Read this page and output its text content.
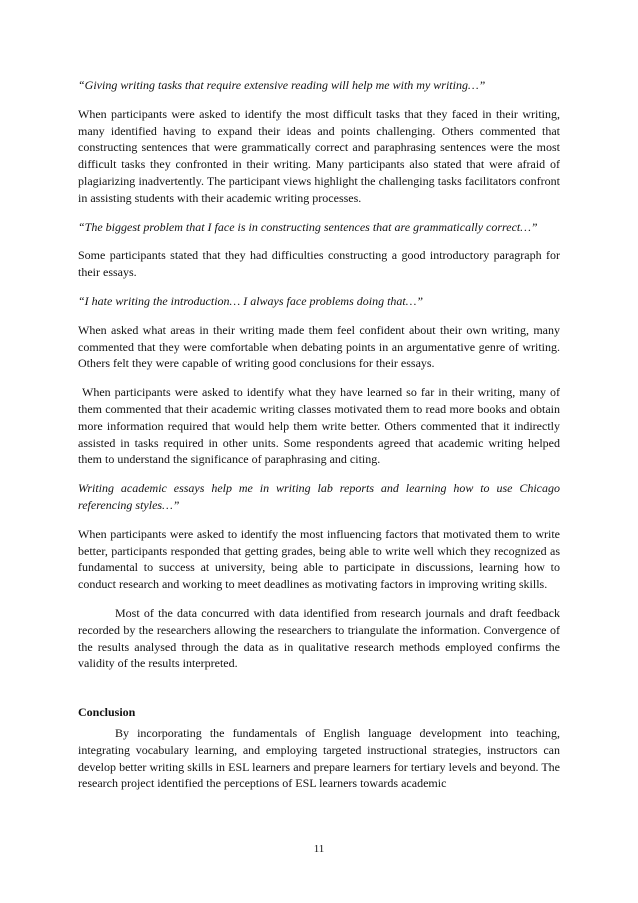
“Giving writing tasks that require extensive reading will help me with my writing…”

When participants were asked to identify the most difficult tasks that they faced in their writing, many identified having to expand their ideas and points challenging. Others commented that constructing sentences that were grammatically correct and paraphrasing sentences were the most difficult tasks they confronted in their writing. Many participants also stated that were afraid of plagiarizing inadvertently. The participant views highlight the challenging tasks facilitators confront in assisting students with their academic writing processes.

“The biggest problem that I face is in constructing sentences that are grammatically correct…”

Some participants stated that they had difficulties constructing a good introductory paragraph for their essays.

“I hate writing the introduction… I always face problems doing that…”

When asked what areas in their writing made them feel confident about their own writing, many commented that they were comfortable when debating points in an argumentative genre of writing. Others felt they were capable of writing good conclusions for their essays.

When participants were asked to identify what they have learned so far in their writing, many of them commented that their academic writing classes motivated them to read more books and obtain more information required that would help them write better. Others commented that it indirectly assisted in tasks required in other units. Some respondents agreed that academic writing helped them to understand the significance of paraphrasing and citing.

Writing academic essays help me in writing lab reports and learning how to use Chicago referencing styles…”

When participants were asked to identify the most influencing factors that motivated them to write better, participants responded that getting grades, being able to write well which they recognized as fundamental to success at university, being able to participate in discussions, learning how to conduct research and working to meet deadlines as motivating factors in improving writing skills.

Most of the data concurred with data identified from research journals and draft feedback recorded by the researchers allowing the researchers to triangulate the information. Convergence of the results analysed through the data as in qualitative research methods employed confirms the validity of the results interpreted.

Conclusion

By incorporating the fundamentals of English language development into teaching, integrating vocabulary learning, and employing targeted instructional strategies, instructors can develop better writing skills in ESL learners and prepare learners for tertiary levels and beyond. The research project identified the perceptions of ESL learners towards academic

11
